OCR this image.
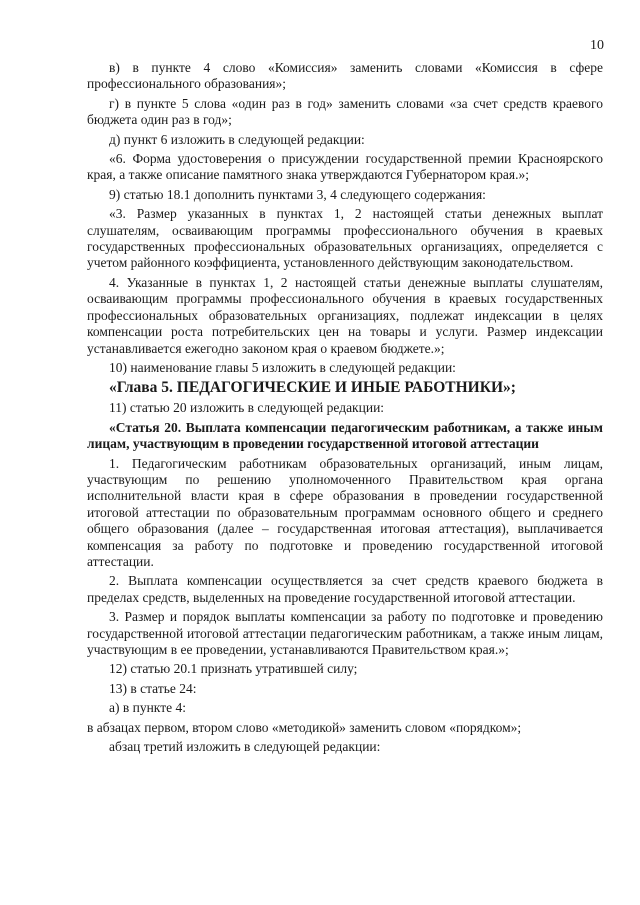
10

в) в пункте 4 слово «Комиссия» заменить словами «Комиссия в сфере профессионального образования»;

г) в пункте 5 слова «один раз в год» заменить словами «за счет средств краевого бюджета один раз в год»;

д) пункт 6 изложить в следующей редакции:

«6. Форма удостоверения о присуждении государственной премии Красноярского края, а также описание памятного знака утверждаются Губернатором края.»;

9) статью 18.1 дополнить пунктами 3, 4 следующего содержания:

«3. Размер указанных в пунктах 1, 2 настоящей статьи денежных выплат слушателям, осваивающим программы профессионального обучения в краевых государственных профессиональных образовательных организациях, определяется с учетом районного коэффициента, установленного действующим законодательством.

4. Указанные в пунктах 1, 2 настоящей статьи денежные выплаты слушателям, осваивающим программы профессионального обучения в краевых государственных профессиональных образовательных организациях, подлежат индексации в целях компенсации роста потребительских цен на товары и услуги. Размер индексации устанавливается ежегодно законом края о краевом бюджете.»;

10) наименование главы 5 изложить в следующей редакции:

«Глава 5. ПЕДАГОГИЧЕСКИЕ И ИНЫЕ РАБОТНИКИ»;

11) статью 20 изложить в следующей редакции:

«Статья 20. Выплата компенсации педагогическим работникам, а также иным лицам, участвующим в проведении государственной итоговой аттестации

1. Педагогическим работникам образовательных организаций, иным лицам, участвующим по решению уполномоченного Правительством края органа исполнительной власти края в сфере образования в проведении государственной итоговой аттестации по образовательным программам основного общего и среднего общего образования (далее – государственная итоговая аттестация), выплачивается компенсация за работу по подготовке и проведению государственной итоговой аттестации.

2. Выплата компенсации осуществляется за счет средств краевого бюджета в пределах средств, выделенных на проведение государственной итоговой аттестации.

3. Размер и порядок выплаты компенсации за работу по подготовке и проведению государственной итоговой аттестации педагогическим работникам, а также иным лицам, участвующим в ее проведении, устанавливаются Правительством края.»;

12) статью 20.1 признать утратившей силу;

13) в статье 24:

а) в пункте 4:

в абзацах первом, втором слово «методикой» заменить словом «порядком»;

абзац третий изложить в следующей редакции:
